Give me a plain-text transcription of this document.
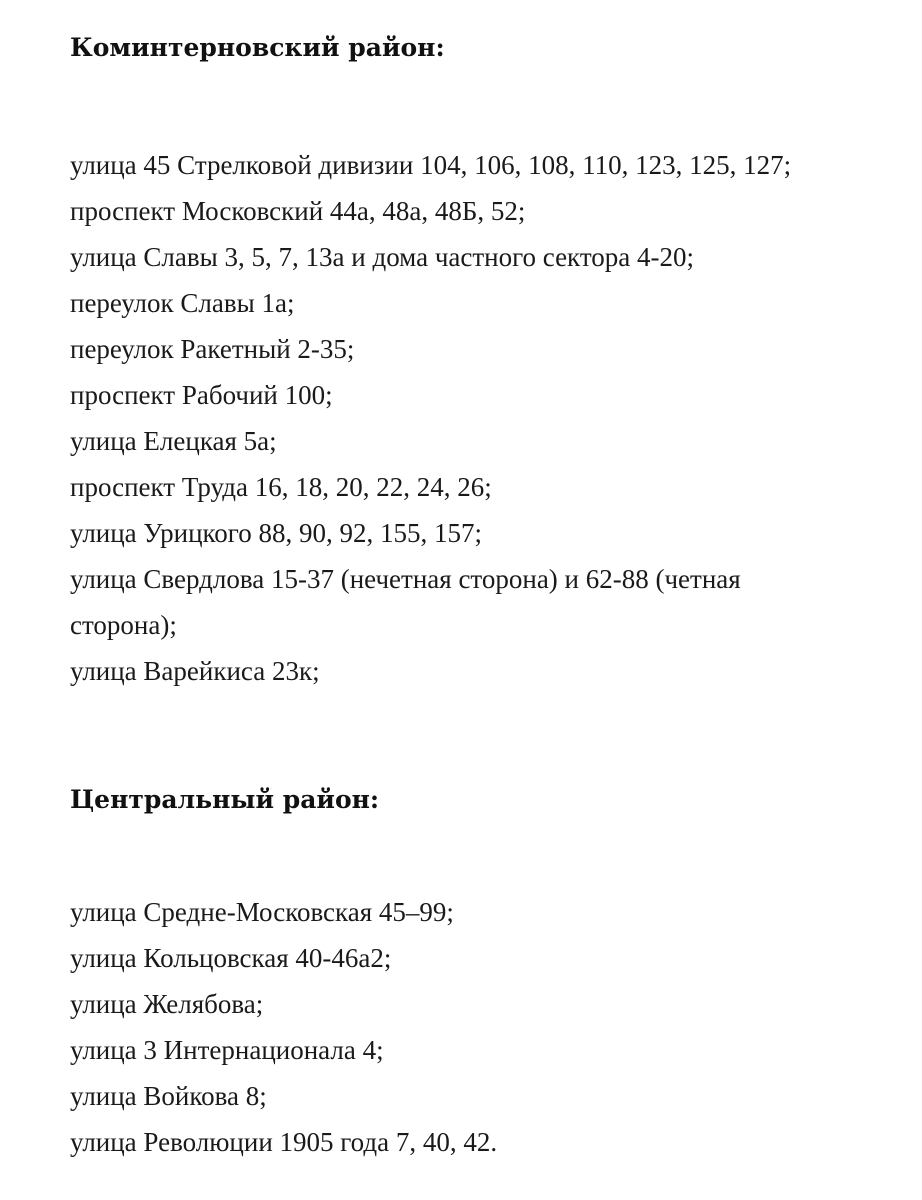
Коминтерновский район:
улица 45 Стрелковой дивизии 104, 106, 108, 110, 123, 125, 127;
проспект Московский 44а, 48а, 48Б, 52;
улица Славы 3, 5, 7, 13а и дома частного сектора 4-20;
переулок Славы 1а;
переулок Ракетный 2-35;
проспект Рабочий 100;
улица Елецкая 5а;
проспект Труда 16, 18, 20, 22, 24, 26;
улица Урицкого 88, 90, 92, 155, 157;
улица Свердлова 15-37 (нечетная сторона) и 62-88 (четная сторона);
улица Варейкиса 23к;
Центральный район:
улица Средне-Московская 45–99;
улица Кольцовская 40-46а2;
улица Желябова;
улица 3 Интернационала 4;
улица Войкова 8;
улица Революции 1905 года 7, 40, 42.
